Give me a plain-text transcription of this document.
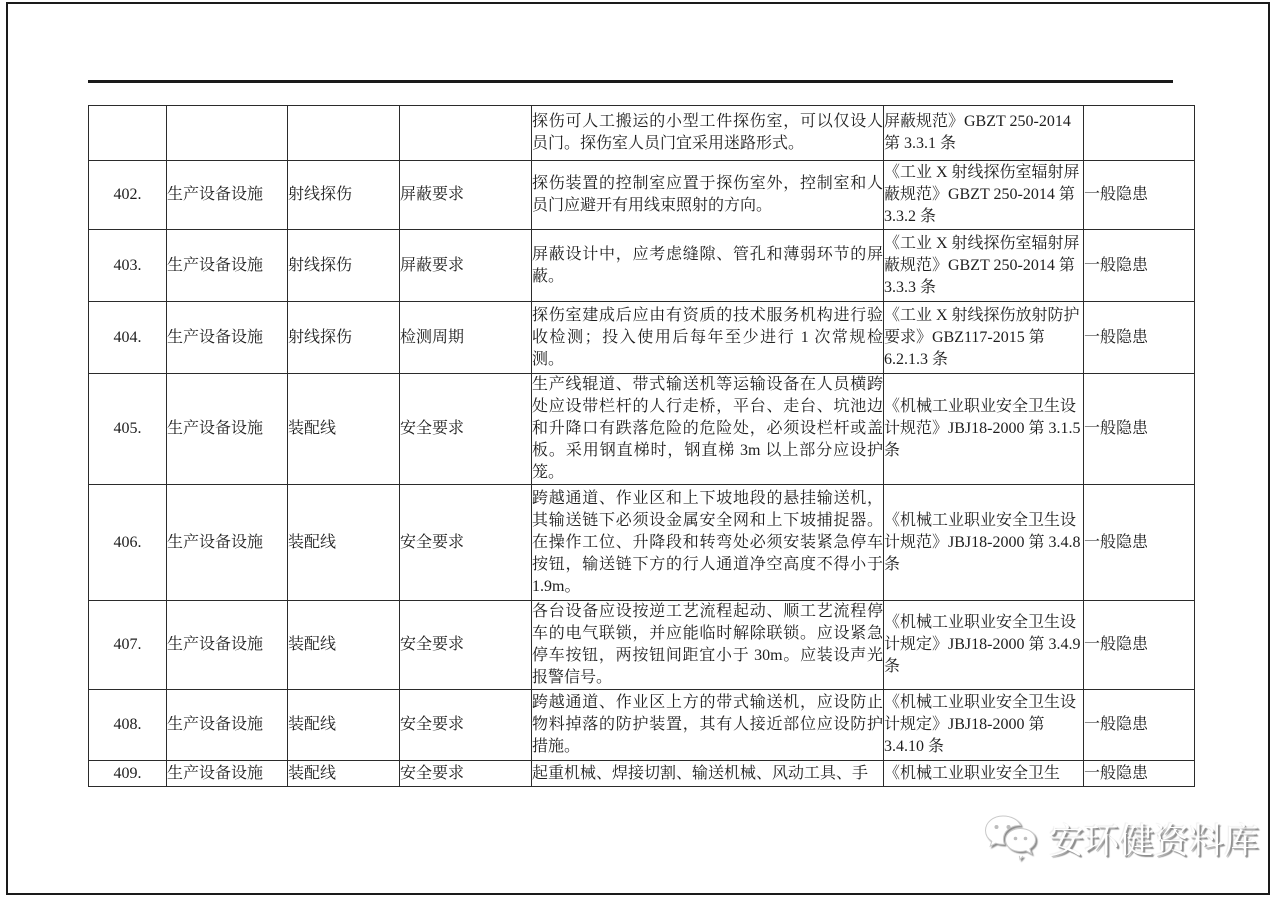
				探伤可人工搬运的小型工件探伤室，可以仅设人员门。探伤室人员门宜采用迷路形式。	屏蔽规范》GBZT 250-2014 第 3.3.1 条	
402.	生产设备设施	射线探伤	屏蔽要求	探伤装置的控制室应置于探伤室外，控制室和人员门应避开有用线束照射的方向。	《工业 X 射线探伤室辐射屏蔽规范》GBZT 250-2014 第 3.3.2 条	一般隐患
403.	生产设备设施	射线探伤	屏蔽要求	屏蔽设计中，应考虑缝隙、管孔和薄弱环节的屏蔽。	《工业 X 射线探伤室辐射屏蔽规范》GBZT 250-2014 第 3.3.3 条	一般隐患
404.	生产设备设施	射线探伤	检测周期	探伤室建成后应由有资质的技术服务机构进行验收检测；投入使用后每年至少进行 1 次常规检测。	《工业 X 射线探伤放射防护要求》GBZ117-2015 第 6.2.1.3 条	一般隐患
405.	生产设备设施	装配线	安全要求	生产线辊道、带式输送机等运输设备在人员横跨处应设带栏杆的人行走桥，平台、走台、坑池边和升降口有跌落危险的危险处，必须设栏杆或盖板。采用钢直梯时，钢直梯 3m 以上部分应设护笼。	《机械工业职业安全卫生设计规范》JBJ18-2000 第 3.1.5 条	一般隐患
406.	生产设备设施	装配线	安全要求	跨越通道、作业区和上下坡地段的悬挂输送机，其输送链下必须设金属安全网和上下坡捕捉器。在操作工位、升降段和转弯处必须安装紧急停车按钮，输送链下方的行人通道净空高度不得小于 1.9m。	《机械工业职业安全卫生设计规范》JBJ18-2000 第 3.4.8 条	一般隐患
407.	生产设备设施	装配线	安全要求	各台设备应设按逆工艺流程起动、顺工艺流程停车的电气联锁，并应能临时解除联锁。应设紧急停车按钮，两按钮间距宜小于 30m。应装设声光报警信号。	《机械工业职业安全卫生设计规定》JBJ18-2000 第 3.4.9 条	一般隐患
408.	生产设备设施	装配线	安全要求	跨越通道、作业区上方的带式输送机，应设防止物料掉落的防护装置，其有人接近部位应设防护措施。	《机械工业职业安全卫生设计规定》JBJ18-2000 第 3.4.10 条	一般隐患
409.	生产设备设施	装配线	安全要求	起重机械、焊接切割、输送机械、风动工具、手	《机械工业职业安全卫生	一般隐患
安环健资料库
